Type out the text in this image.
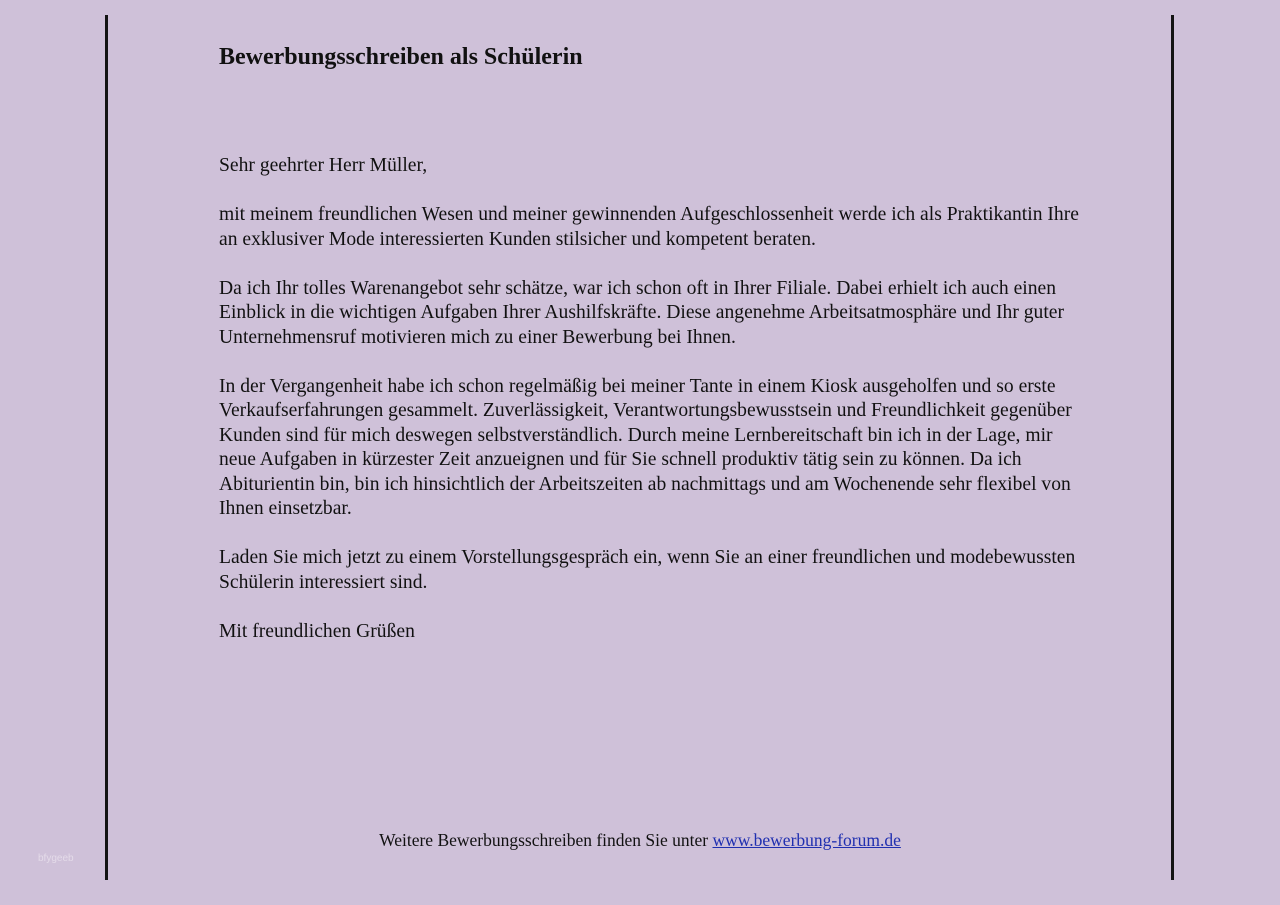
bfygeeb
Bewerbungsschreiben als Schülerin

Sehr geehrter Herr Müller,

mit meinem freundlichen Wesen und meiner gewinnenden Aufgeschlossenheit werde ich als Praktikantin Ihre an exklusiver Mode interessierten Kunden stilsicher und kompetent beraten.

Da ich Ihr tolles Warenangebot sehr schätze, war ich schon oft in Ihrer Filiale. Dabei erhielt ich auch einen Einblick in die wichtigen Aufgaben Ihrer Aushilfskräfte. Diese angenehme Arbeitsatmosphäre und Ihr guter Unternehmensruf motivieren mich zu einer Bewerbung bei Ihnen.

In der Vergangenheit habe ich schon regelmäßig bei meiner Tante in einem Kiosk ausgeholfen und so erste Verkaufserfahrungen gesammelt. Zuverlässigkeit, Verantwortungsbewusstsein und Freundlichkeit gegenüber Kunden sind für mich deswegen selbstverständlich. Durch meine Lernbereitschaft bin ich in der Lage, mir neue Aufgaben in kürzester Zeit anzueignen und für Sie schnell produktiv tätig sein zu können. Da ich Abiturientin bin, bin ich hinsichtlich der Arbeitszeiten ab nachmittags und am Wochenende sehr flexibel von Ihnen einsetzbar.

Laden Sie mich jetzt zu einem Vorstellungsgespräch ein, wenn Sie an einer freundlichen und modebewussten Schülerin interessiert sind.

Mit freundlichen Grüßen

Weitere Bewerbungsschreiben finden Sie unter www.bewerbung-forum.de
